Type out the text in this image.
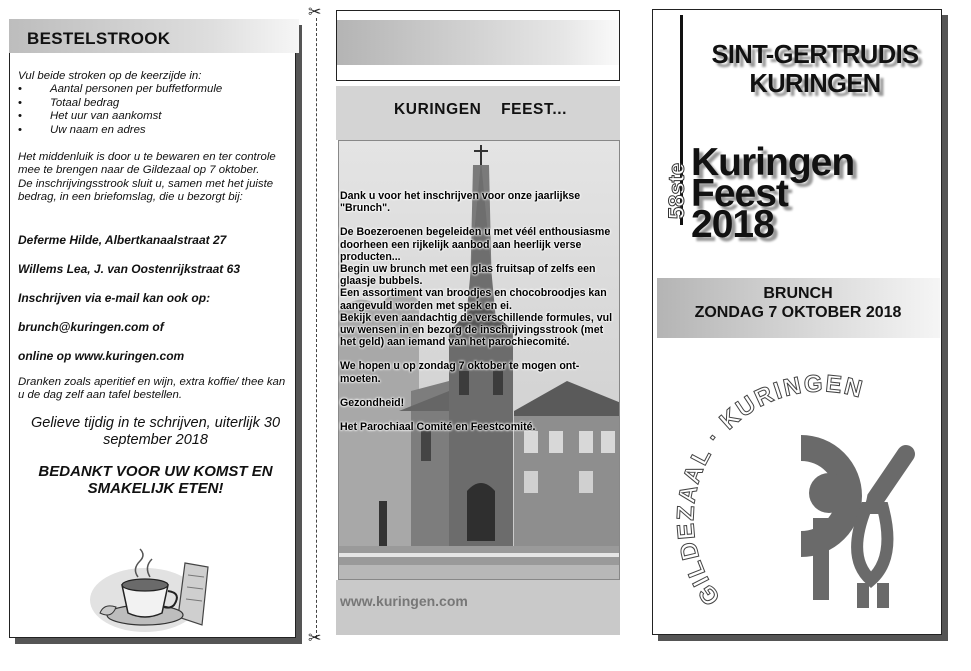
BESTELSTROOK

Vul beide stroken op de keerzijde in:

• Aantal personen per buffetformule
• Totaal bedrag
• Het uur van aankomst
• Uw naam en adres

Het middenluik is door u te bewaren en ter controle mee te brengen naar de Gildezaal op 7 oktober.

De inschrijvingsstrook sluit u, samen met het juiste bedrag, in een briefomslag, die u bezorgt bij:

Deferme Hilde, Albertkanaalstraat 27

Willems Lea, J. van Oostenrijkstraat 63

Inschrijven via e-mail kan ook op:

brunch@kuringen.com of

online op www.kuringen.com

Dranken zoals aperitief en wijn, extra koffie/ thee kan u de dag zelf aan tafel bestellen.

Gelieve tijdig in te schrijven, uiterlijk 30 september 2018

BEDANKT VOOR UW KOMST EN SMAKELIJK ETEN!

✂
✂
KURINGEN    FEEST...

Dank u voor het inschrijven voor onze jaarlijkse "Brunch".

De Boezeroenen begeleiden u met véél enthousiasme doorheen een rijkelijk aanbod aan heerlijk verse producten...

Begin uw brunch met een glas fruitsap of zelfs een glaasje bubbels.

Een assortiment van broodjes en chocobroodjes kan aangevuld worden met spek en ei.

Bekijk even aandachtig de verschillende formules, vul uw wensen in en bezorg de inschrijvingsstrook (met het geld) aan iemand van het parochiecomité.

We hopen u op zondag 7 oktober te mogen ont-moeten.

Gezondheid!

Het Parochiaal Comité en Feestcomité.

www.kuringen.com
SINT-GERTRUDIS
KURINGEN
58ste
Kuringen Feest
2018
BRUNCH
ZONDAG 7 OKTOBER 2018
GILDEZAAL · KURINGEN
